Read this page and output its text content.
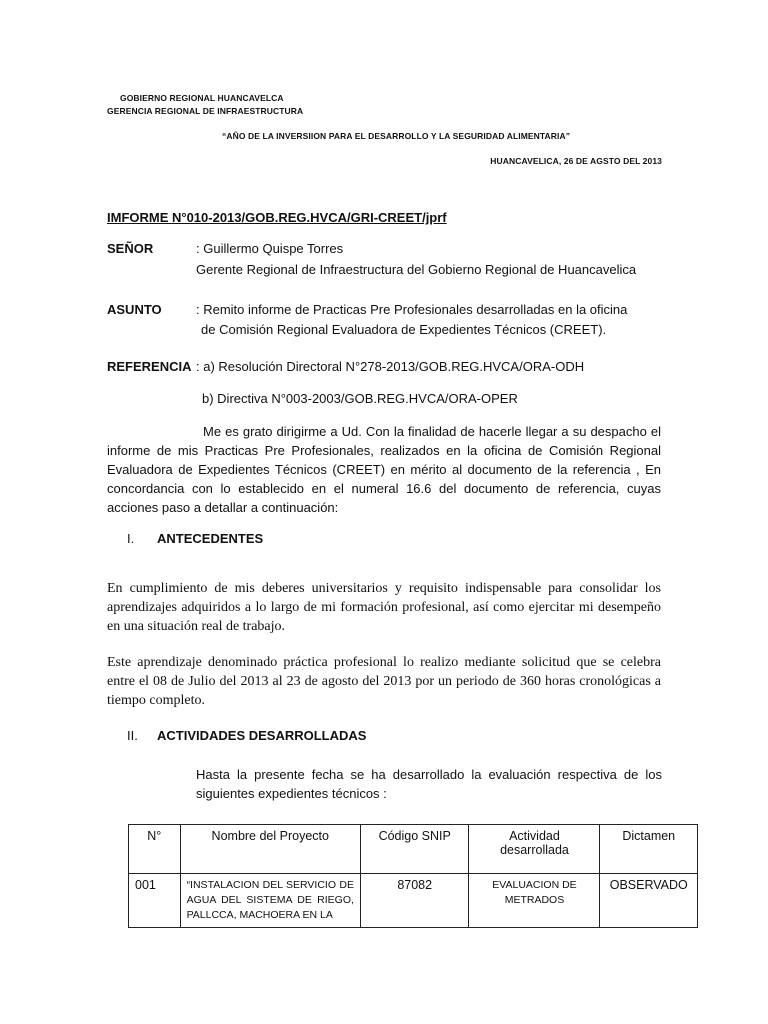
GOBIERNO REGIONAL HUANCAVELCA
GERENCIA REGIONAL DE INFRAESTRUCTURA
“AÑO DE LA INVERSIION PARA EL DESARROLLO Y LA SEGURIDAD ALIMENTARIA”
HUANCAVELICA, 26 DE AGSTO DEL 2013
IMFORME N°010-2013/GOB.REG.HVCA/GRI-CREET/jprf
SEÑOR	: Guillermo Quispe Torres
Gerente Regional de Infraestructura del Gobierno Regional de Huancavelica
ASUNTO	: Remito informe de Practicas Pre Profesionales desarrolladas en la oficina
de Comisión Regional Evaluadora de Expedientes Técnicos (CREET).
REFERENCIA : a) Resolución Directoral N°278-2013/GOB.REG.HVCA/ORA-ODH
b) Directiva N°003-2003/GOB.REG.HVCA/ORA-OPER
Me es grato dirigirme a Ud. Con la finalidad de hacerle llegar a su despacho el informe de mis Practicas Pre Profesionales, realizados en la oficina de Comisión Regional Evaluadora de Expedientes Técnicos (CREET) en mérito al documento de la referencia , En concordancia con lo establecido en el numeral 16.6 del documento de referencia, cuyas acciones paso a detallar a continuación:
I. ANTECEDENTES
En cumplimiento de mis deberes universitarios y requisito indispensable para consolidar los aprendizajes adquiridos a lo largo de mi formación profesional, así como ejercitar mi desempeño en una situación real de trabajo.
Este aprendizaje denominado práctica profesional lo realizo mediante solicitud que se celebra entre el 08 de Julio del 2013 al 23 de agosto del 2013 por un periodo de 360 horas cronológicas a tiempo completo.
II. ACTIVIDADES DESARROLLADAS
Hasta la presente fecha se ha desarrollado la evaluación respectiva de los siguientes expedientes técnicos :
N°	Nombre del Proyecto	Código SNIP	Actividad desarrollada	Dictamen
001	“INSTALACION DEL SERVICIO DE AGUA DEL SISTEMA DE RIEGO, PALLCCA, MACHOERA EN LA	87082	EVALUACION DE METRADOS	OBSERVADO
